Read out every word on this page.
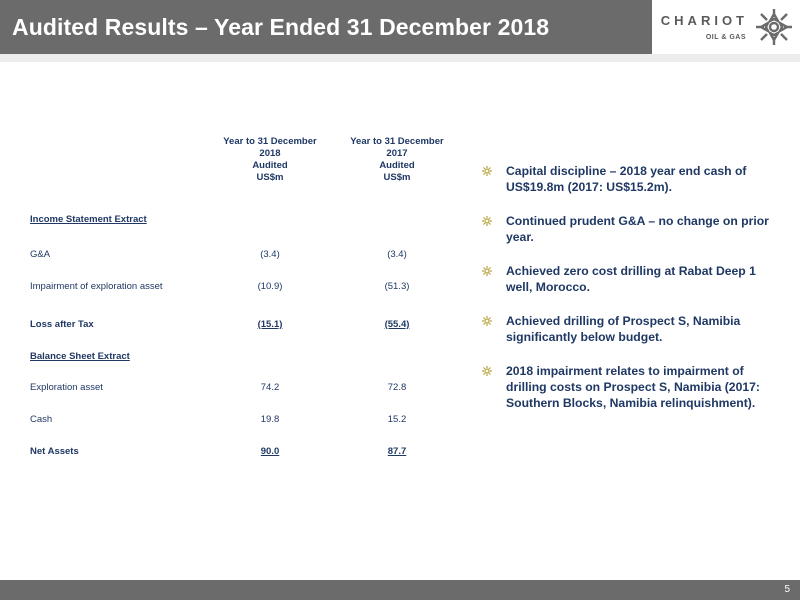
Audited Results – Year Ended 31 December 2018	CHARIOT
OIL & GAS
Year to 31 December
2018
Audited
US$m
Year to 31 December
2017
Audited
US$m
Income Statement Extract
G&A	(3.4)	(3.4)
Impairment of exploration asset	(10.9)	(51.3)
Loss after Tax	(15.1)	(55.4)
Balance Sheet Extract
Exploration asset	74.2	72.8
Cash	19.8	15.2
Net Assets	90.0	87.7
Capital discipline – 2018 year end cash of US$19.8m (2017: US$15.2m).
Continued prudent G&A – no change on prior year.
Achieved zero cost drilling at Rabat Deep 1 well, Morocco.
Achieved drilling of Prospect S, Namibia significantly below budget.
2018 impairment relates to impairment of drilling costs on Prospect S, Namibia (2017: Southern Blocks, Namibia relinquishment).
5
